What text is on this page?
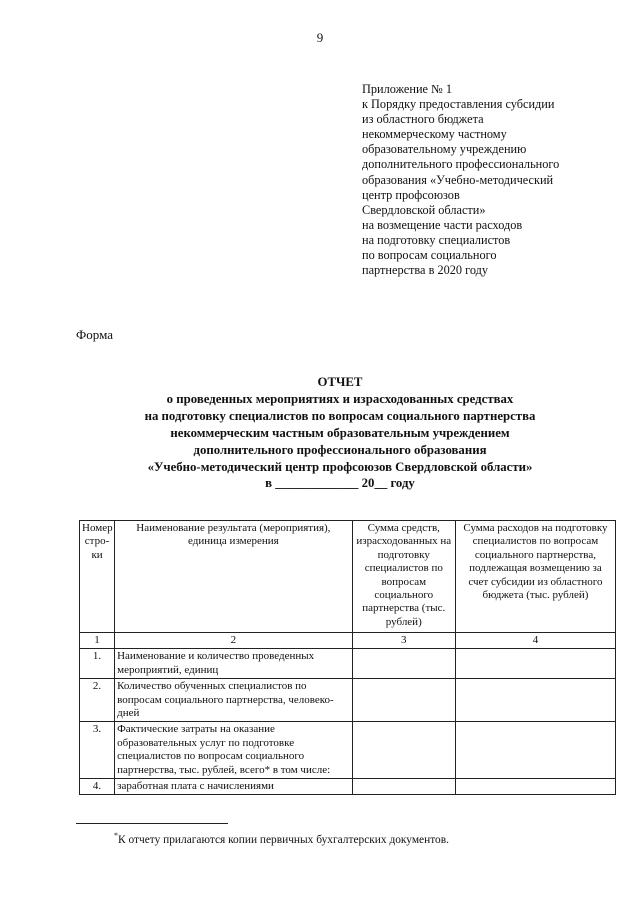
9
Приложение № 1
к Порядку предоставления субсидии
из областного бюджета
некоммерческому частному
образовательному учреждению
дополнительного профессионального
образования «Учебно-методический
центр профсоюзов
Свердловской области»
на возмещение части расходов
на подготовку специалистов
по вопросам социального
партнерства в 2020 году
Форма
ОТЧЕТ
о проведенных мероприятиях и израсходованных средствах
на подготовку специалистов по вопросам социального партнерства
некоммерческим частным образовательным учреждением
дополнительного профессионального образования
«Учебно-методический центр профсоюзов Свердловской области»
в _____________ 20__ году
Номер стро-ки	Наименование результата (мероприятия), единица измерения	Сумма средств, израсходованных на подготовку специалистов по вопросам социального партнерства (тыс. рублей)	Сумма расходов на подготовку специалистов по вопросам социального партнерства, подлежащая возмещению за счет субсидии из областного бюджета (тыс. рублей)
1	2	3	4
1.	Наименование и количество проведенных мероприятий, единиц		
2.	Количество обученных специалистов по вопросам социального партнерства, человеко-дней		
3.	Фактические затраты на оказание образовательных услуг по подготовке специалистов по вопросам социального партнерства, тыс. рублей, всего* в том числе:		
4.	заработная плата с начислениями		
*К отчету прилагаются копии первичных бухгалтерских документов.
